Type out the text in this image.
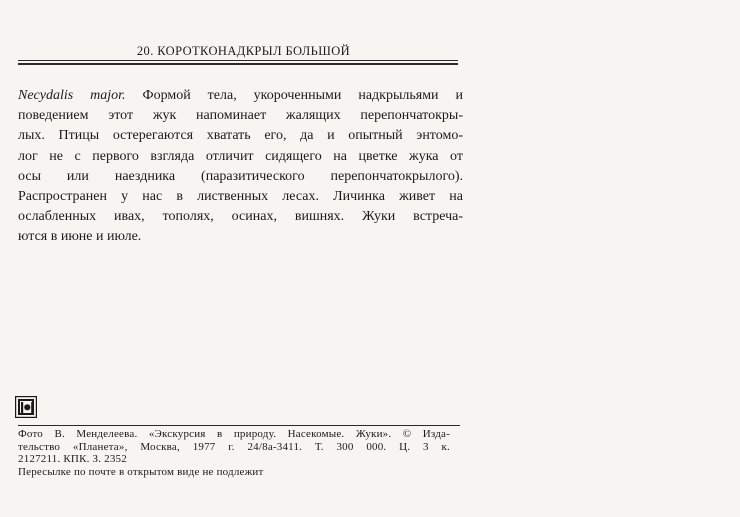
20. КОРОТКОНАДКРЫЛ БОЛЬШОЙ
Necydalis major. Формой тела, укороченными надкрыльями и
поведением этот жук напоминает жалящих перепончатокры-
лых. Птицы остерегаются хватать его, да и опытный энтомо-
лог не с первого взгляда отличит сидящего на цветке жука от
осы или наездника (паразитического перепончатокрылого).
Распространен у нас в лиственных лесах. Личинка живет на
ослабленных ивах, тополях, осинах, вишнях. Жуки встреча-
ются в июне и июле.
Фото В. Менделеева. «Экскурсия в природу. Насекомые. Жуки». © Изда-
тельство «Планета», Москва, 1977 г. 24/8а-3411. Т. 300 000. Ц. 3 к.
2127211. КПК. З. 2352
Пересылке по почте в открытом виде не подлежит
